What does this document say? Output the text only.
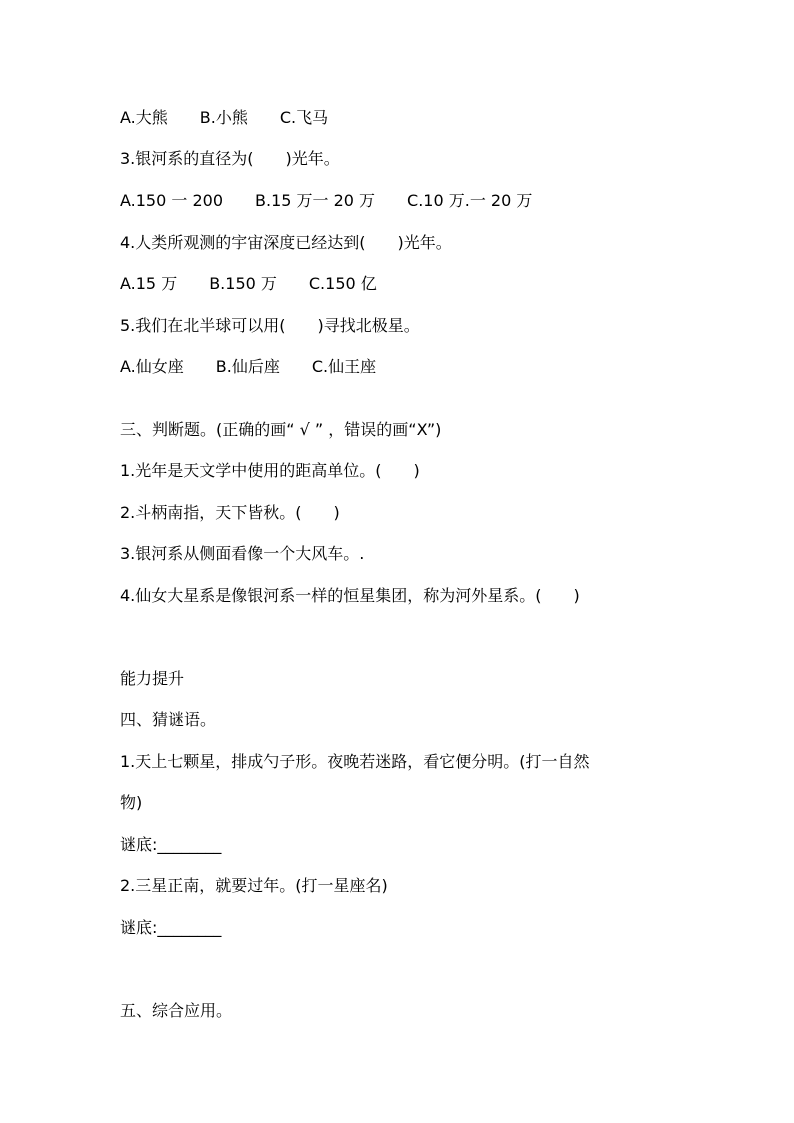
A.大熊　　B.小熊　　C.飞马
3.银河系的直径为(　　)光年。
A.150 一 200　　B.15 万一 20 万　　C.10 万.一 20 万
4.人类所观测的宇宙深度已经达到(　　)光年。
A.15 万　　B.150 万　　C.150 亿
5.我们在北半球可以用(　　)寻找北极星。
A.仙女座　　B.仙后座　　C.仙王座
三、判断题。(正确的画“ √ ” ，错误的画“X”)
1.光年是天文学中使用的距高单位。(　　)
2.斗柄南指，天下皆秋。(　　)
3.银河系从侧面看像一个大风车。.
4.仙女大星系是像银河系一样的恒星集团，称为河外星系。(　　)
能力提升
四、猜谜语。
1.天上七颗星，排成勺子形。夜晚若迷路，看它便分明。(打一自然
物)
谜底:________
2.三星正南，就要过年。(打一星座名)
谜底:________
五、综合应用。
